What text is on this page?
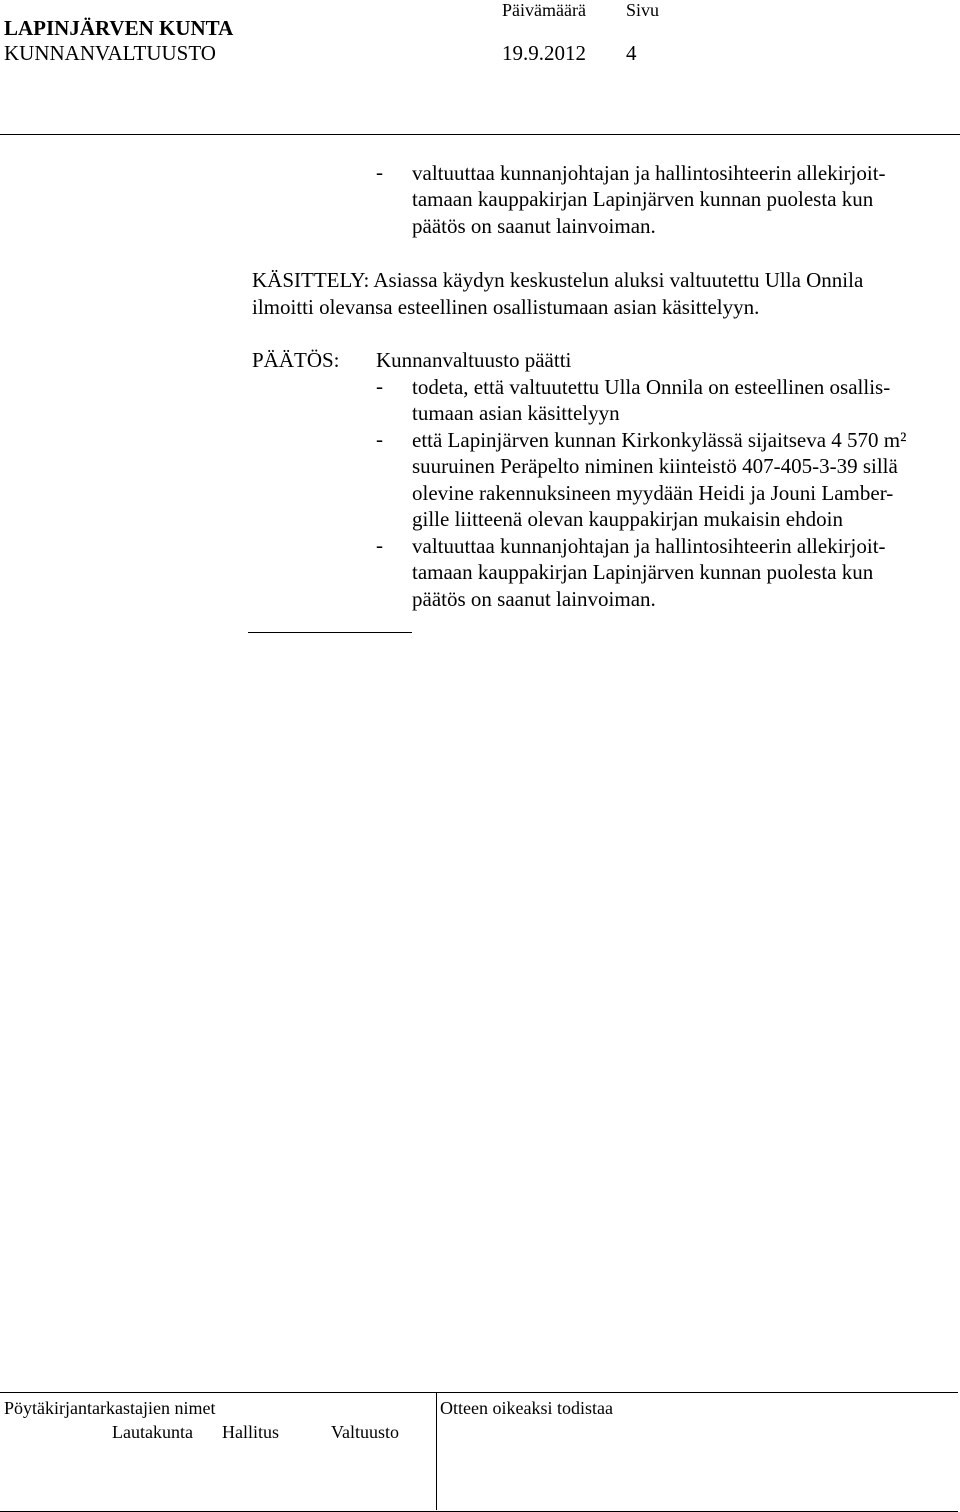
LAPINJÄRVEN KUNTA
KUNNANVALTUUSTO
Päivämäärä Sivu
19.9.2012 4
- valtuuttaa kunnanjohtajan ja hallintosihteerin allekirjoit-
tamaan kauppakirjan Lapinjärven kunnan puolesta kun
päätös on saanut lainvoiman.
KÄSITTELY: Asiassa käydyn keskustelun aluksi valtuutettu Ulla Onnila
ilmoitti olevansa esteellinen osallistumaan asian käsittelyyn.
PÄÄTÖS: Kunnanvaltuusto päätti
- todeta, että valtuutettu Ulla Onnila on esteellinen osallis-
tumaan asian käsittelyyn
- että Lapinjärven kunnan Kirkonkylässä sijaitseva 4 570 m²
suuruinen Peräpelto niminen kiinteistö 407-405-3-39 sillä
olevine rakennuksineen myydään Heidi ja Jouni Lamber-
gille liitteenä olevan kauppakirjan mukaisin ehdoin
- valtuuttaa kunnanjohtajan ja hallintosihteerin allekirjoit-
tamaan kauppakirjan Lapinjärven kunnan puolesta kun
päätös on saanut lainvoiman.
Pöytäkirjantarkastajien nimet	Otteen oikeaksi todistaa
Lautakunta Hallitus	Valtuusto
